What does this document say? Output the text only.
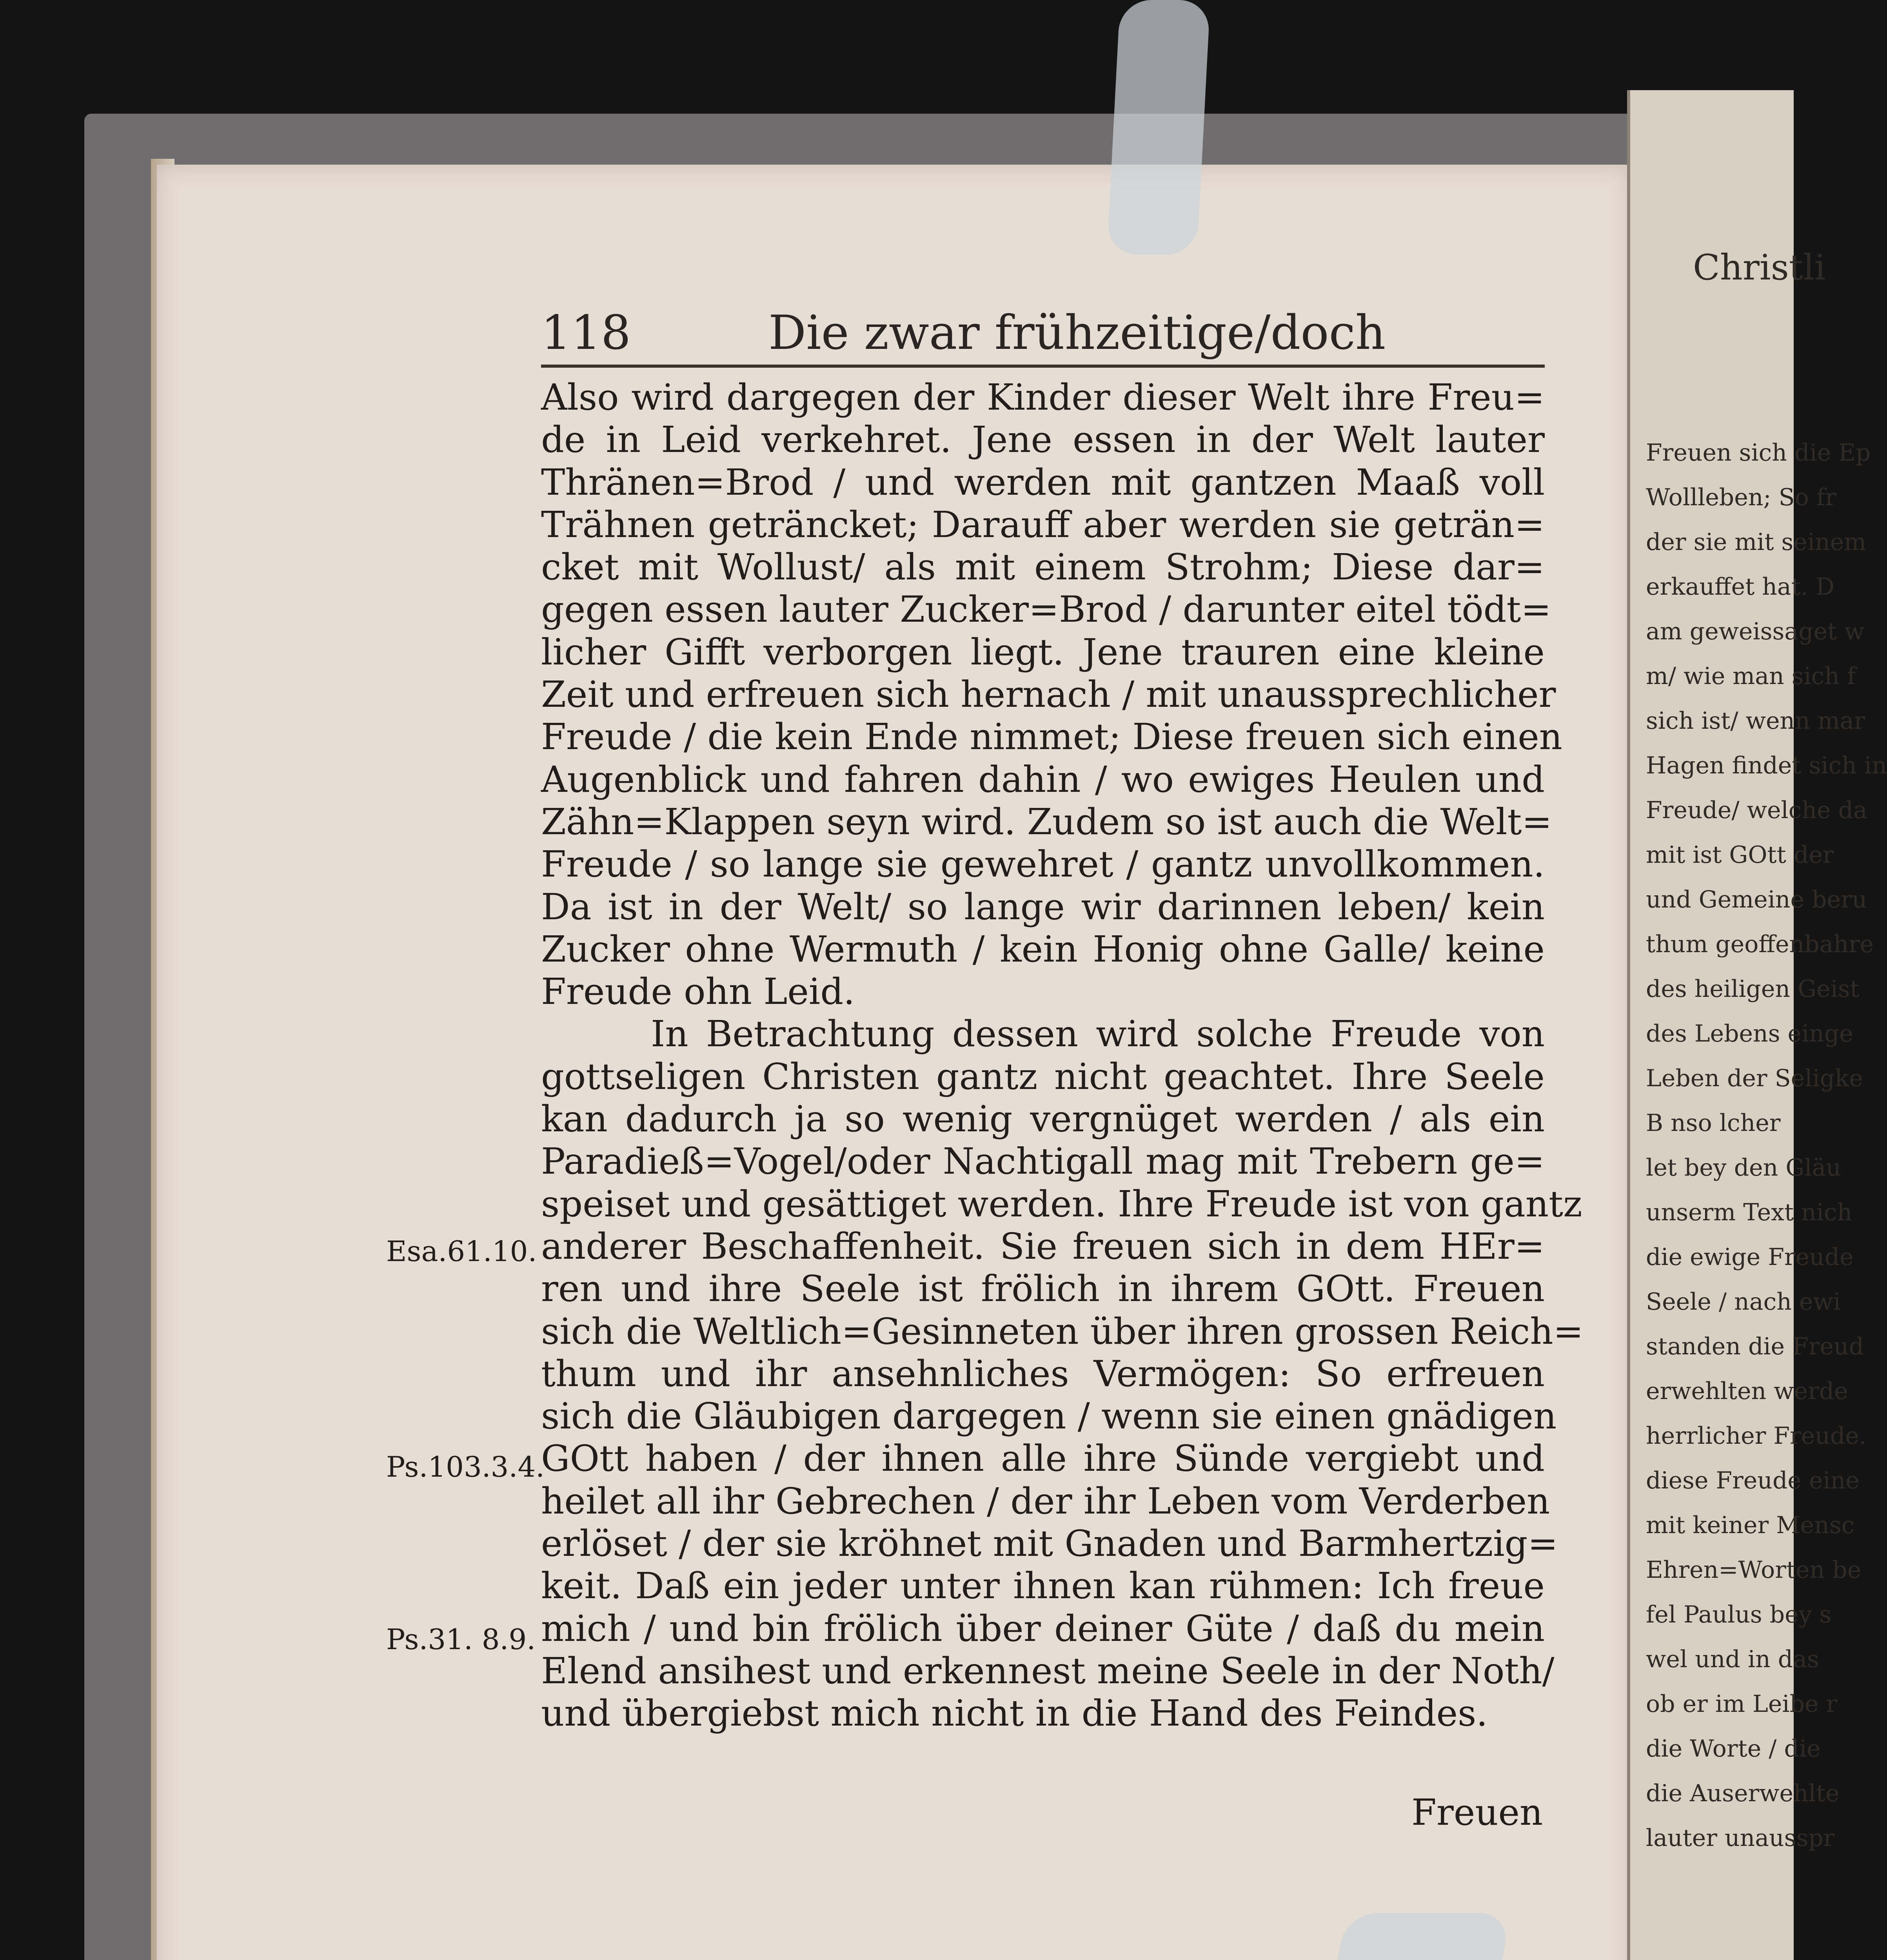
118	Die zwar frühzeitige/doch
Also wird dargegen der Kinder dieser Welt ihre Freu=
de in Leid verkehret. Jene essen in der Welt lauter
Thränen=Brod / und werden mit gantzen Maaß voll
Trähnen geträncket; Darauff aber werden sie geträn=
cket mit Wollust/ als mit einem Strohm; Diese dar=
gegen essen lauter Zucker=Brod / darunter eitel tödt=
licher Gifft verborgen liegt. Jene trauren eine kleine
Zeit und erfreuen sich hernach / mit unaussprechlicher
Freude / die kein Ende nimmet; Diese freuen sich einen
Augenblick und fahren dahin / wo ewiges Heulen und
Zähn=Klappen seyn wird. Zudem so ist auch die Welt=
Freude / so lange sie gewehret / gantz unvollkommen.
Da ist in der Welt/ so lange wir darinnen leben/ kein
Zucker ohne Wermuth / kein Honig ohne Galle/ keine
Freude ohn Leid.
In Betrachtung dessen wird solche Freude von
gottseligen Christen gantz nicht geachtet. Ihre Seele
kan dadurch ja so wenig vergnüget werden / als ein
Paradieß=Vogel/oder Nachtigall mag mit Trebern ge=
speiset und gesättiget werden. Ihre Freude ist von gantz
anderer Beschaffenheit. Sie freuen sich in dem HEr=
ren und ihre Seele ist frölich in ihrem GOtt. Freuen
sich die Weltlich=Gesinneten über ihren grossen Reich=
thum und ihr ansehnliches Vermögen: So erfreuen
sich die Gläubigen dargegen / wenn sie einen gnädigen
GOtt haben / der ihnen alle ihre Sünde vergiebt und
heilet all ihr Gebrechen / der ihr Leben vom Verderben
erlöset / der sie kröhnet mit Gnaden und Barmhertzig=
keit. Daß ein jeder unter ihnen kan rühmen: Ich freue
mich / und bin frölich über deiner Güte / daß du mein
Elend ansihest und erkennest meine Seele in der Noth/
und übergiebst mich nicht in die Hand des Feindes.
Freuen
Esa.61.10.
Ps.103.3.4.
Ps.31. 8.9.
Christli
Freuen sich die Ep
Wollleben; So fr
der sie mit seinem
erkauffet hat. D
am geweissaget w
m/ wie man sich f
sich ist/ wenn mar
Hagen findet sich in
Freude/ welche da
mit ist GOtt der
und Gemeine beru
thum geoffenbahre
des heiligen Geist
des Lebens einge
Leben der Seligke
B nso lcher
let bey den Gläu
unserm Text nich
die ewige Freude
Seele / nach ewi
standen die Freud
erwehlten werde
herrlicher Freude.
diese Freude eine
mit keiner Mensc
Ehren=Worten be
fel Paulus bey s
wel und in das
ob er im Leibe r
die Worte / die
die Auserwehlte
lauter unausspr
